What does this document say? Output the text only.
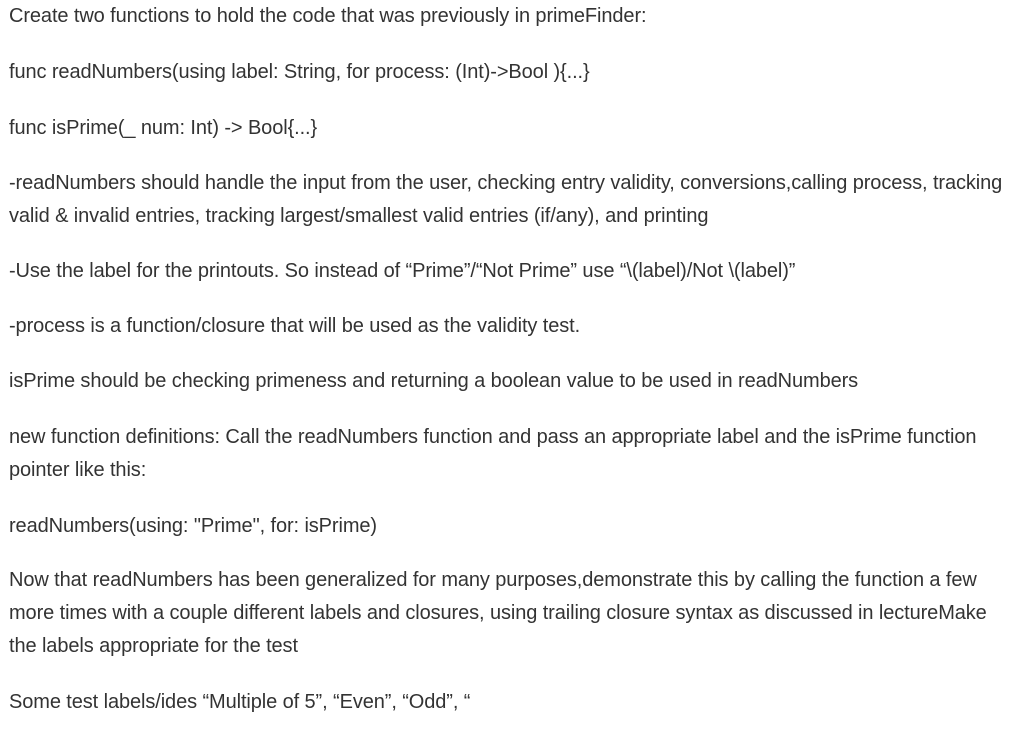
Create two functions to hold the code that was previously in primeFinder:

func readNumbers(using label: String, for process: (Int)->Bool ){...}

func isPrime(_ num: Int) -> Bool{...}

-readNumbers should handle the input from the user, checking entry validity, conversions,calling process, tracking valid & invalid entries, tracking largest/smallest valid entries (if/any), and printing

-Use the label for the printouts. So instead of “Prime”/“Not Prime” use “\(label)/Not \(label)”

-process is a function/closure that will be used as the validity test.

isPrime should be checking primeness and returning a boolean value to be used in readNumbers

new function definitions: Call the readNumbers function and pass an appropriate label and the isPrime function pointer like this:

readNumbers(using: "Prime", for: isPrime)

Now that readNumbers has been generalized for many purposes,demonstrate this by calling the function a few more times with a couple different labels and closures, using trailing closure syntax as discussed in lectureMake the labels appropriate for the test

Some test labels/ides “Multiple of 5”, “Even”, “Odd”, “
